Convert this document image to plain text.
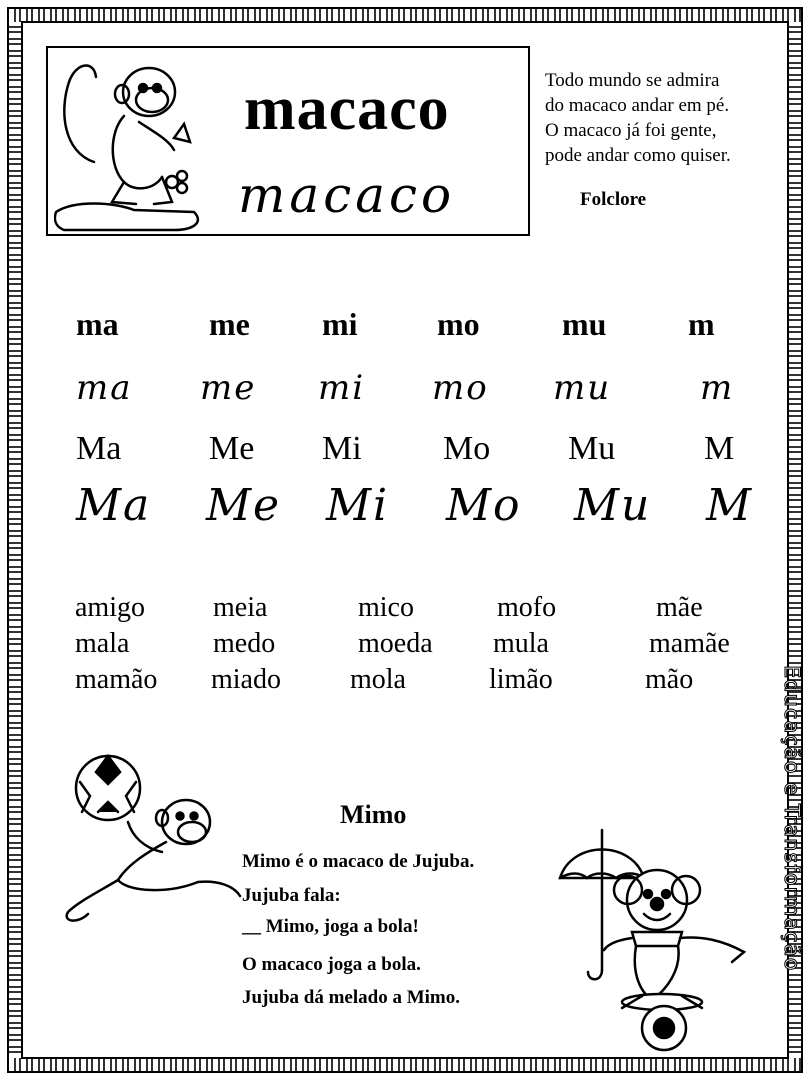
macaco
macaco
Todo mundo se admira
do macaco andar em pé.
O macaco já foi gente,
pode andar como quiser.
Folclore
ma	me mi mo	mu	m
ma me mi mo mu	m
Ma	Me Mi Mo Mu	M
Ma Me Mi Mo Mu M
amigo meia	mico	mofo	mãe
mala	medo	moeda mula	mamãe
mamão miado mola	limão	mão
Mimo
Mimo é o macaco de Jujuba.
Jujuba fala:
__ Mimo, joga a bola!
O macaco joga a bola.
Jujuba dá melado a Mimo.
Educação e Transformação
